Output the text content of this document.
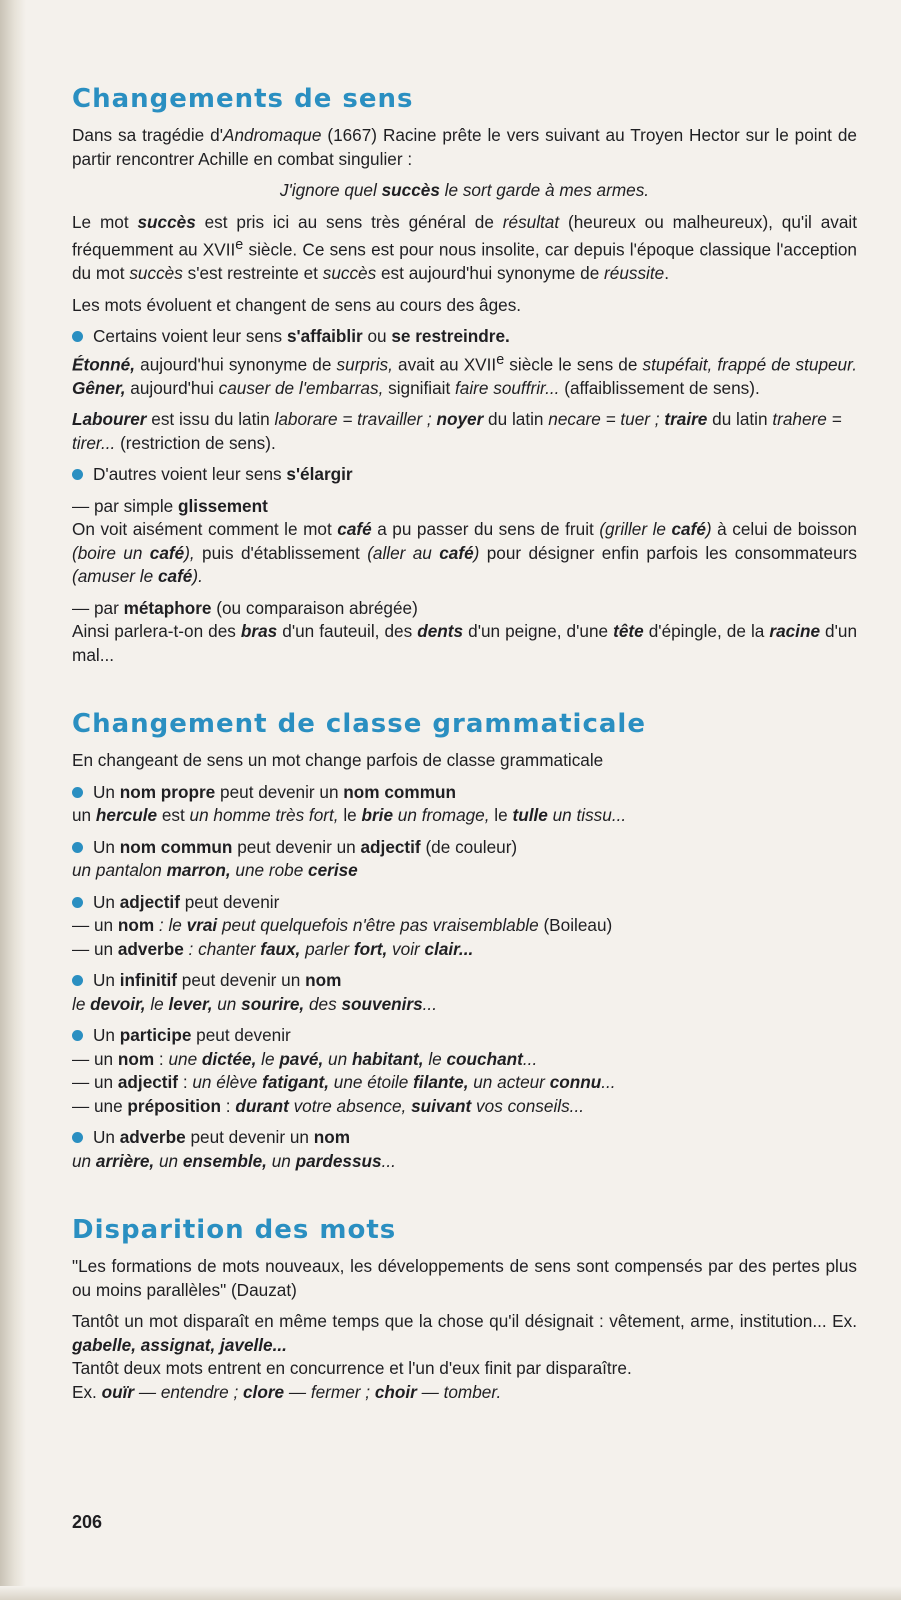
Changements de sens

Dans sa tragédie d'Andromaque (1667) Racine prête le vers suivant au Troyen Hector sur le point de partir rencontrer Achille en combat singulier :

J'ignore quel succès le sort garde à mes armes.

Le mot succès est pris ici au sens très général de résultat (heureux ou malheureux), qu'il avait fréquemment au XVIIe siècle. Ce sens est pour nous insolite, car depuis l'époque classique l'acception du mot succès s'est restreinte et succès est aujourd'hui synonyme de réussite.

Les mots évoluent et changent de sens au cours des âges.

Certains voient leur sens s'affaiblir ou se restreindre.

Étonné, aujourd'hui synonyme de surpris, avait au XVIIe siècle le sens de stupéfait, frappé de stupeur. Gêner, aujourd'hui causer de l'embarras, signifiait faire souffrir... (affaiblissement de sens).

Labourer est issu du latin laborare = travailler ; noyer du latin necare = tuer ; traire du latin trahere = tirer... (restriction de sens).

D'autres voient leur sens s'élargir

— par simple glissement

On voit aisément comment le mot café a pu passer du sens de fruit (griller le café) à celui de boisson (boire un café), puis d'établissement (aller au café) pour désigner enfin parfois les consommateurs (amuser le café).

— par métaphore (ou comparaison abrégée)

Ainsi parlera-t-on des bras d'un fauteuil, des dents d'un peigne, d'une tête d'épingle, de la racine d'un mal...

Changement de classe grammaticale

En changeant de sens un mot change parfois de classe grammaticale

Un nom propre peut devenir un nom commun

un hercule est un homme très fort, le brie un fromage, le tulle un tissu...

Un nom commun peut devenir un adjectif (de couleur)

un pantalon marron, une robe cerise

Un adjectif peut devenir
— un nom : le vrai peut quelquefois n'être pas vraisemblable (Boileau)

— un adverbe : chanter faux, parler fort, voir clair...

Un infinitif peut devenir un nom

le devoir, le lever, un sourire, des souvenirs...

Un participe peut devenir
— un nom : une dictée, le pavé, un habitant, le couchant...
— un adjectif : un élève fatigant, une étoile filante, un acteur connu...

— une préposition : durant votre absence, suivant vos conseils...

Un adverbe peut devenir un nom

un arrière, un ensemble, un pardessus...

Disparition des mots

"Les formations de mots nouveaux, les développements de sens sont compensés par des pertes plus ou moins parallèles" (Dauzat)

Tantôt un mot disparaît en même temps que la chose qu'il désignait : vêtement, arme, institution... Ex. gabelle, assignat, javelle...
Tantôt deux mots entrent en concurrence et l'un d'eux finit par disparaître.
Ex. ouïr — entendre ; clore — fermer ; choir — tomber.
206
